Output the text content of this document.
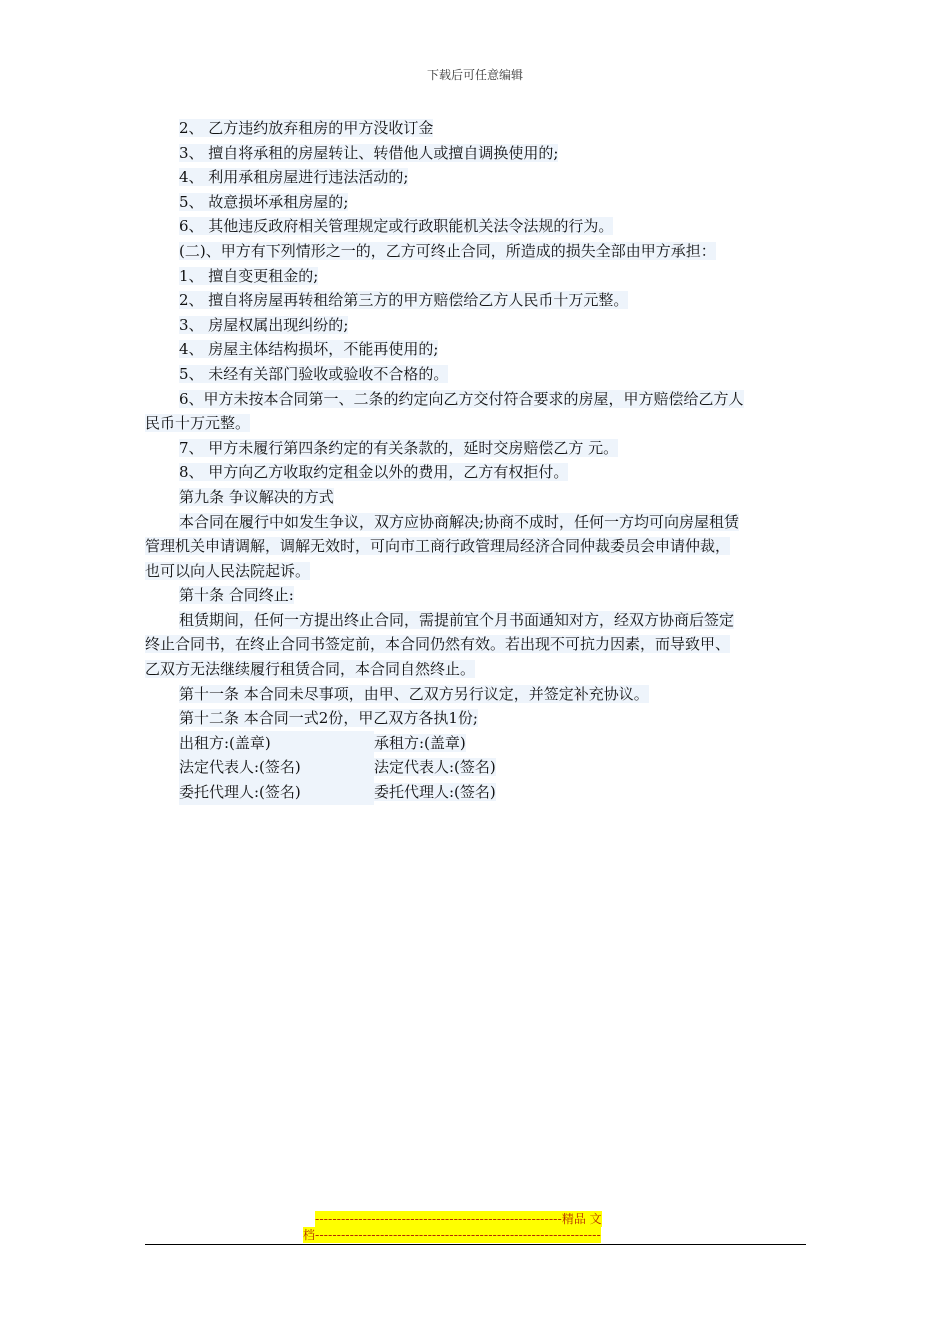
下载后可任意编辑
2、 乙方违约放弃租房的甲方没收订金
3、 擅自将承租的房屋转让、转借他人或擅自调换使用的;
4、 利用承租房屋进行违法活动的;
5、 故意损坏承租房屋的;
6、 其他违反政府相关管理规定或行政职能机关法令法规的行为。
(二)、甲方有下列情形之一的，乙方可终止合同，所造成的损失全部由甲方承担：
1、 擅自变更租金的;
2、 擅自将房屋再转租给第三方的甲方赔偿给乙方人民币十万元整。
3、 房屋权属出现纠纷的;
4、 房屋主体结构损坏，不能再使用的;
5、 未经有关部门验收或验收不合格的。
6、甲方未按本合同第一、二条的约定向乙方交付符合要求的房屋，甲方赔偿给乙方人
民币十万元整。
7、 甲方未履行第四条约定的有关条款的，延时交房赔偿乙方 元。
8、 甲方向乙方收取约定租金以外的费用，乙方有权拒付。
第九条 争议解决的方式
本合同在履行中如发生争议，双方应协商解决;协商不成时，任何一方均可向房屋租赁
管理机关申请调解，调解无效时，可向市工商行政管理局经济合同仲裁委员会申请仲裁，
也可以向人民法院起诉。
第十条 合同终止:
租赁期间，任何一方提出终止合同，需提前宜个月书面通知对方，经双方协商后签定
终止合同书，在终止合同书签定前，本合同仍然有效。若出现不可抗力因素，而导致甲、
乙双方无法继续履行租赁合同，本合同自然终止。
第十一条 本合同未尽事项，由甲、乙双方另行议定，并签定补充协议。
第十二条 本合同一式2份，甲乙双方各执1份;
出租方:(盖章)	承租方:(盖章)
法定代表人:(签名)	法定代表人:(签名)
委托代理人:(签名)	委托代理人:(签名)
---------------------------------------------------------精品 文
档------------------------------------------------------------------
